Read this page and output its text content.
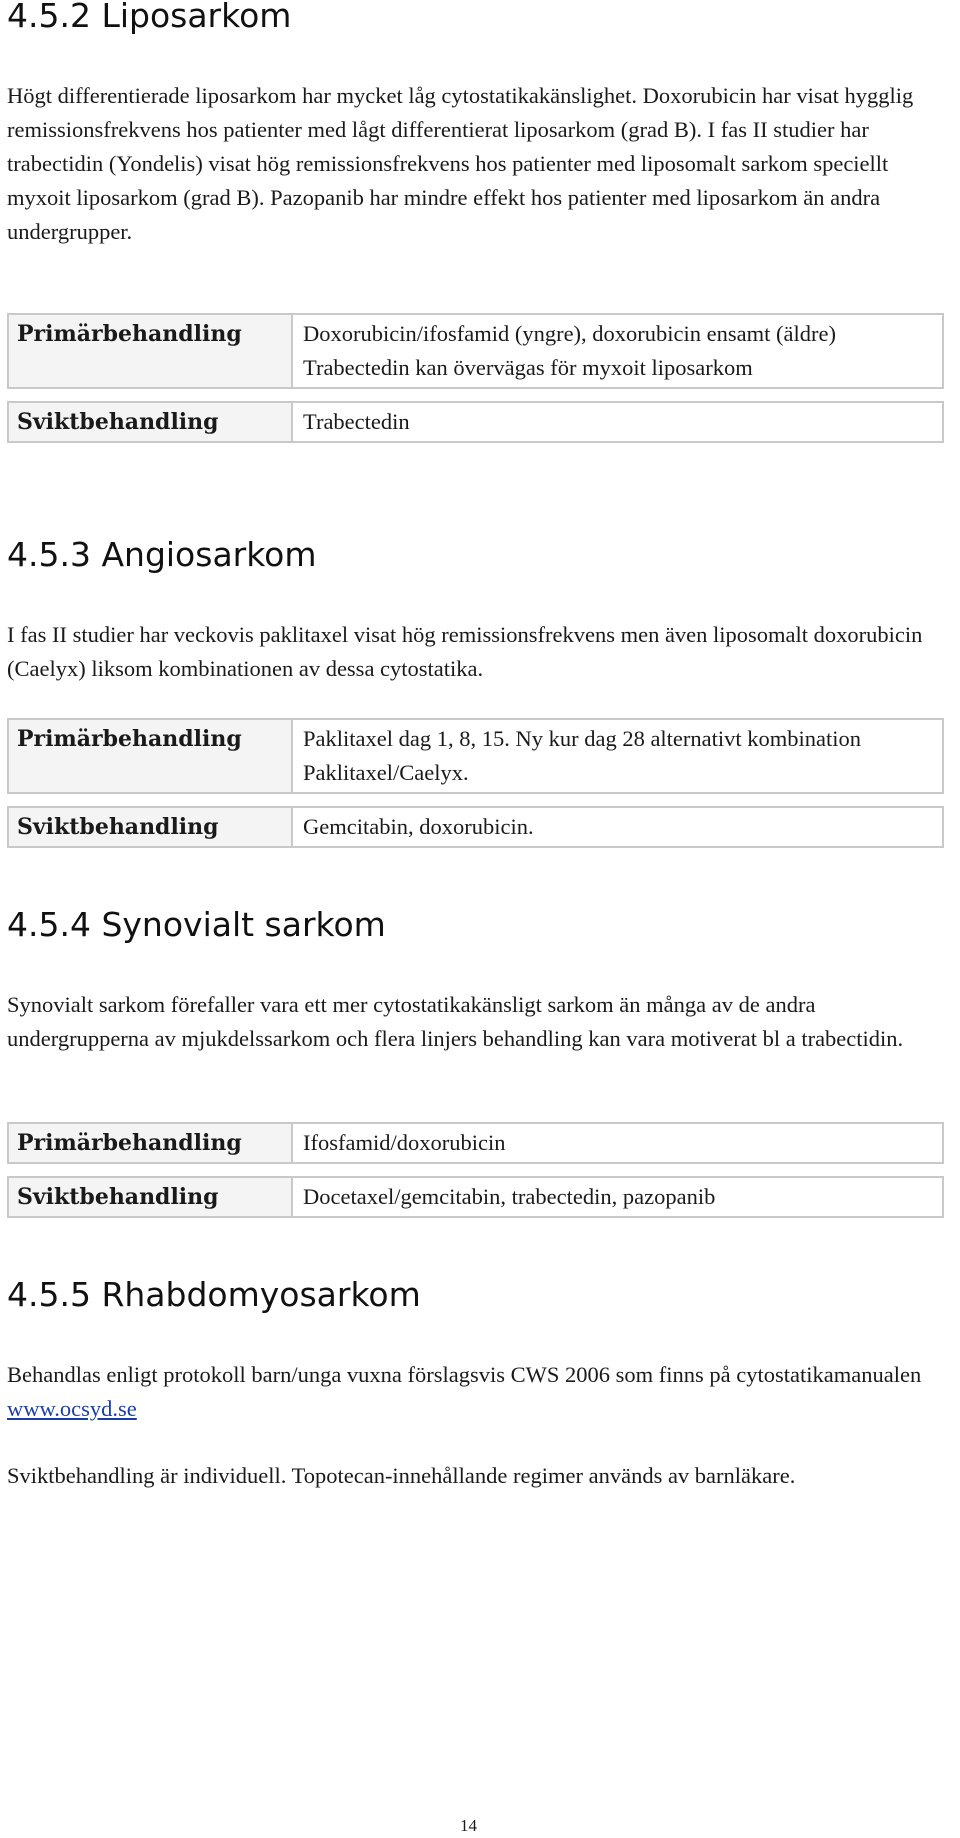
4.5.2 Liposarkom

Högt differentierade liposarkom har mycket låg cytostatikakänslighet. Doxorubicin har visat hygglig remissionsfrekvens hos patienter med lågt differentierat liposarkom (grad B). I fas II studier har trabectidin (Yondelis) visat hög remissionsfrekvens hos patienter med liposomalt sarkom speciellt myxoit liposarkom (grad B). Pazopanib har mindre effekt hos patienter med liposarkom än andra undergrupper.

Primärbehandling	Doxorubicin/ifosfamid (yngre), doxorubicin ensamt (äldre)
Trabectedin kan övervägas för myxoit liposarkom
Sviktbehandling	Trabectedin
4.5.3 Angiosarkom

I fas II studier har veckovis paklitaxel visat hög remissionsfrekvens men även liposomalt doxorubicin (Caelyx) liksom kombinationen av dessa cytostatika.

Primärbehandling	Paklitaxel dag 1, 8, 15. Ny kur dag 28 alternativt kombination Paklitaxel/Caelyx.
Sviktbehandling	Gemcitabin, doxorubicin.
4.5.4 Synovialt sarkom

Synovialt sarkom förefaller vara ett mer cytostatikakänsligt sarkom än många av de andra undergrupperna av mjukdelssarkom och flera linjers behandling kan vara motiverat bl a trabectidin.

Primärbehandling	Ifosfamid/doxorubicin
Sviktbehandling	Docetaxel/gemcitabin, trabectedin, pazopanib
4.5.5 Rhabdomyosarkom

Behandlas enligt protokoll barn/unga vuxna förslagsvis CWS 2006 som finns på cytostatikamanualen www.ocsyd.se

Sviktbehandling är individuell. Topotecan-innehållande regimer används av barnläkare.

14
